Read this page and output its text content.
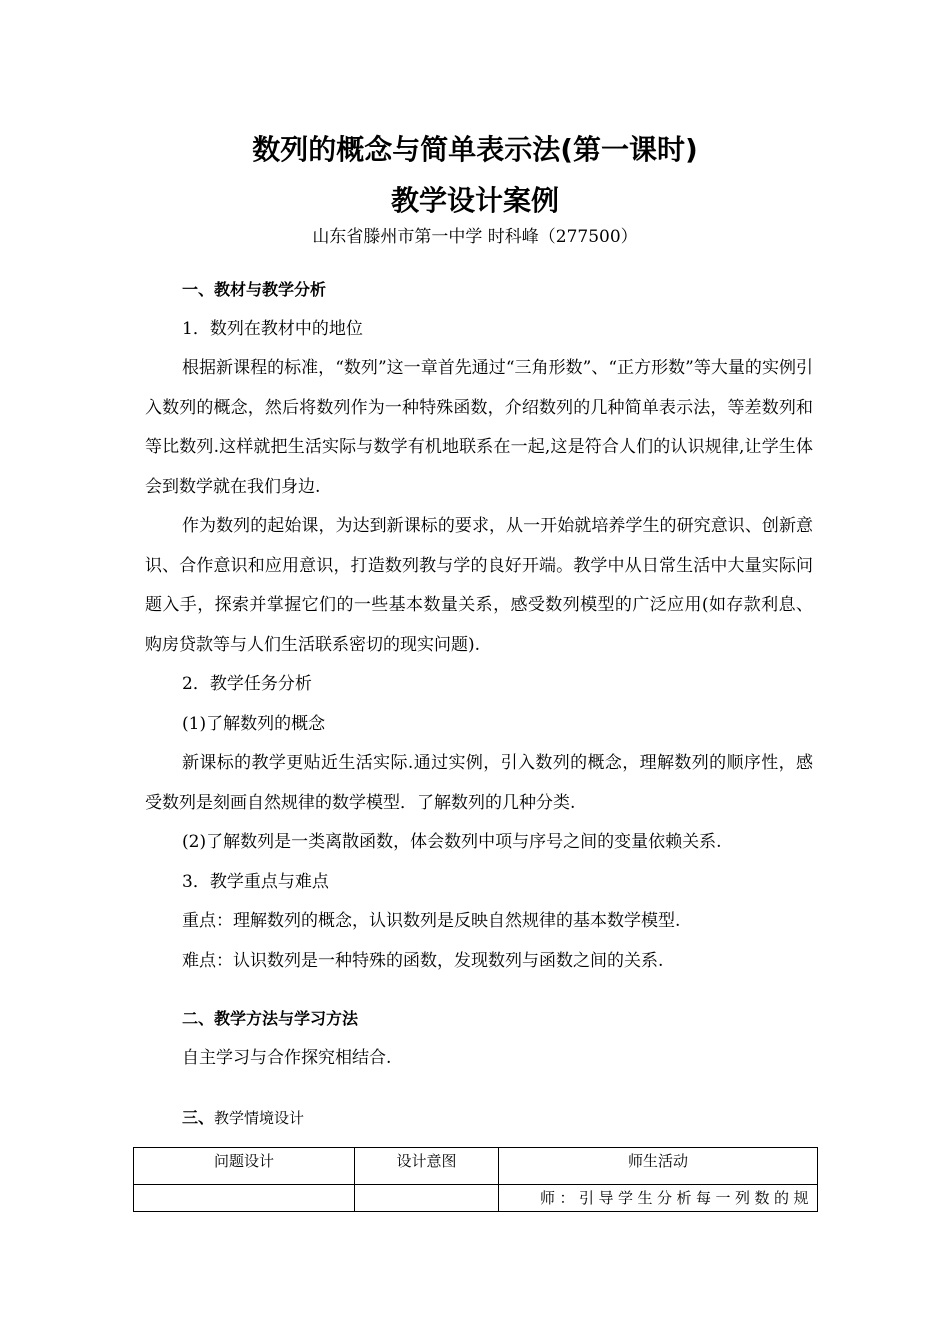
数列的概念与简单表示法(第一课时)
教学设计案例
山东省滕州市第一中学 时科峰（277500）

一、教材与教学分析

1．数列在教材中的地位

根据新课程的标准，“数列”这一章首先通过“三角形数”、“正方形数”等大量的实例引入数列的概念，然后将数列作为一种特殊函数，介绍数列的几种简单表示法，等差数列和等比数列.这样就把生活实际与数学有机地联系在一起,这是符合人们的认识规律,让学生体会到数学就在我们身边.

作为数列的起始课，为达到新课标的要求，从一开始就培养学生的研究意识、创新意识、合作意识和应用意识，打造数列教与学的良好开端。教学中从日常生活中大量实际问题入手，探索并掌握它们的一些基本数量关系，感受数列模型的广泛应用(如存款利息、购房贷款等与人们生活联系密切的现实问题).

2．教学任务分析

(1)了解数列的概念

新课标的教学更贴近生活实际.通过实例，引入数列的概念，理解数列的顺序性，感受数列是刻画自然规律的数学模型．了解数列的几种分类.

(2)了解数列是一类离散函数，体会数列中项与序号之间的变量依赖关系.

3．教学重点与难点

重点：理解数列的概念，认识数列是反映自然规律的基本数学模型.

难点：认识数列是一种特殊的函数，发现数列与函数之间的关系.

二、教学方法与学习方法

自主学习与合作探究相结合.

三、教学情境设计

问题设计	设计意图	师生活动
		师：引导学生分析每一列数的规
